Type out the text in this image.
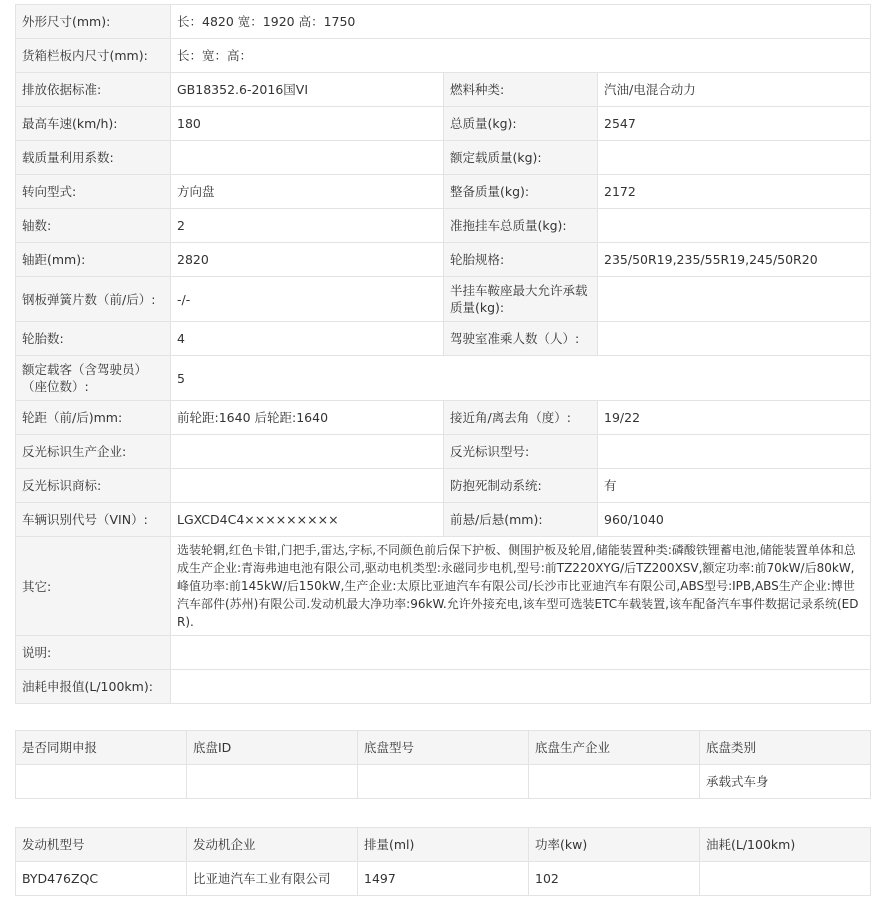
外形尺寸(mm):	长：4820 宽：1920 高：1750		
货箱栏板内尺寸(mm):	长：宽：高：		
排放依据标准:	GB18352.6-2016国VI	燃料种类:	汽油/电混合动力
最高车速(km/h):	180	总质量(kg):	2547
载质量利用系数:		额定载质量(kg):	
转向型式:	方向盘	整备质量(kg):	2172
轴数:	2	准拖挂车总质量(kg):	
轴距(mm):	2820	轮胎规格:	235/50R19,235/55R19,245/50R20
钢板弹簧片数（前/后）:	-/-	半挂车鞍座最大允许承载质量(kg):	
轮胎数:	4	驾驶室准乘人数（人）:	
额定载客（含驾驶员）（座位数）:	5		
轮距（前/后)mm:	前轮距:1640 后轮距:1640	接近角/离去角（度）:	19/22
反光标识生产企业:		反光标识型号:	
反光标识商标:		防抱死制动系统:	有
车辆识别代号（VIN）:	LGXCD4C4×××××××××	前悬/后悬(mm):	960/1040
其它:	选装轮辋,红色卡钳,门把手,雷达,字标,不同颜色前后保下护板、侧围护板及轮眉,储能装置种类:磷酸铁锂蓄电池,储能装置单体和总成生产企业:青海弗迪电池有限公司,驱动电机类型:永磁同步电机,型号:前TZ220XYG/后TZ200XSV,额定功率:前70kW/后80kW,峰值功率:前145kW/后150kW,生产企业:太原比亚迪汽车有限公司/长沙市比亚迪汽车有限公司,ABS型号:IPB,ABS生产企业:博世汽车部件(苏州)有限公司.发动机最大净功率:96kW.允许外接充电,该车型可选装ETC车载装置,该车配备汽车事件数据记录系统(EDR).		
说明:			
油耗申报值(L/100km):			
是否同期申报	底盘ID	底盘型号	底盘生产企业	底盘类别
				承载式车身
发动机型号	发动机企业	排量(ml)	功率(kw)	油耗(L/100km)
BYD476ZQC	比亚迪汽车工业有限公司	1497	102	
